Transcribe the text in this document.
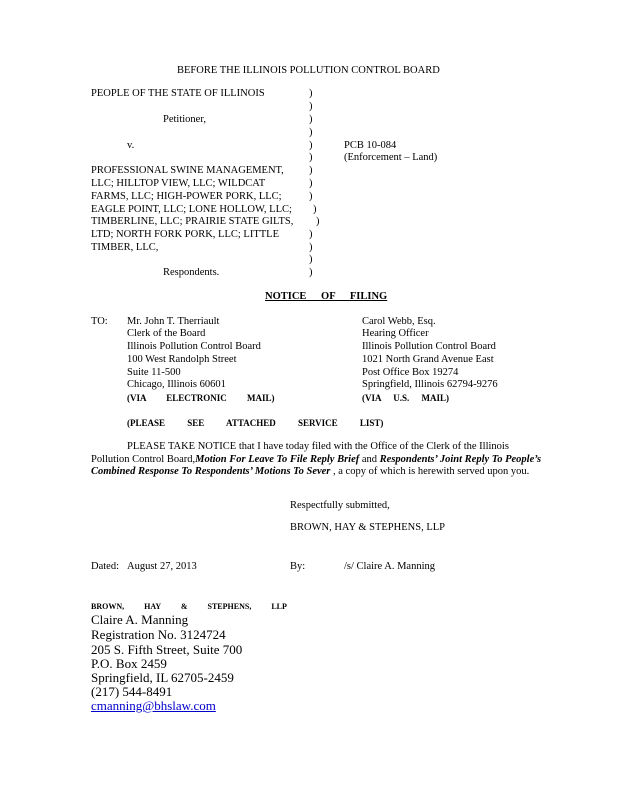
BEFORE THE ILLINOIS POLLUTION CONTROL BOARD
PEOPLE OF THE STATE OF ILLINOIS
Petitioner,
v.
PROFESSIONAL SWINE MANAGEMENT,
LLC; HILLTOP VIEW, LLC; WILDCAT
FARMS, LLC; HIGH-POWER PORK, LLC;
EAGLE POINT, LLC; LONE HOLLOW, LLC;
TIMBERLINE, LLC; PRAIRIE STATE GILTS,
LTD; NORTH FORK PORK, LLC; LITTLE
TIMBER, LLC,
Respondents.
)
)
)
)
)
)
)
)
)
)
)
)
)
)
)
PCB 10-084
(Enforcement – Land)
NOTICE OF FILING
TO: Mr. John T. Therriault
Clerk of the Board
Illinois Pollution Control Board
100 West Randolph Street
Suite 11-500
Chicago, Illinois 60601
(VIA ELECTRONIC MAIL)
Carol Webb, Esq.
Hearing Officer
Illinois Pollution Control Board
1021 North Grand Avenue East
Post Office Box 19274
Springfield, Illinois 62794-9276
(VIA U.S. MAIL)
(PLEASE SEE ATTACHED SERVICE LIST)
PLEASE TAKE NOTICE that I have today filed with the Office of the Clerk of the Illinois Pollution Control Board,Motion For Leave To File Reply Brief and Respondents’ Joint Reply To People’s Combined Response To Respondents’ Motions To Sever , a copy of which is herewith served upon you.
Respectfully submitted,
BROWN, HAY & STEPHENS, LLP
Dated: August 27, 2013	By:	/s/ Claire A. Manning
BROWN, HAY & STEPHENS, LLP
Claire A. Manning
Registration No. 3124724
205 S. Fifth Street, Suite 700
P.O. Box 2459
Springfield, IL 62705-2459
(217) 544-8491
cmanning@bhslaw.com
